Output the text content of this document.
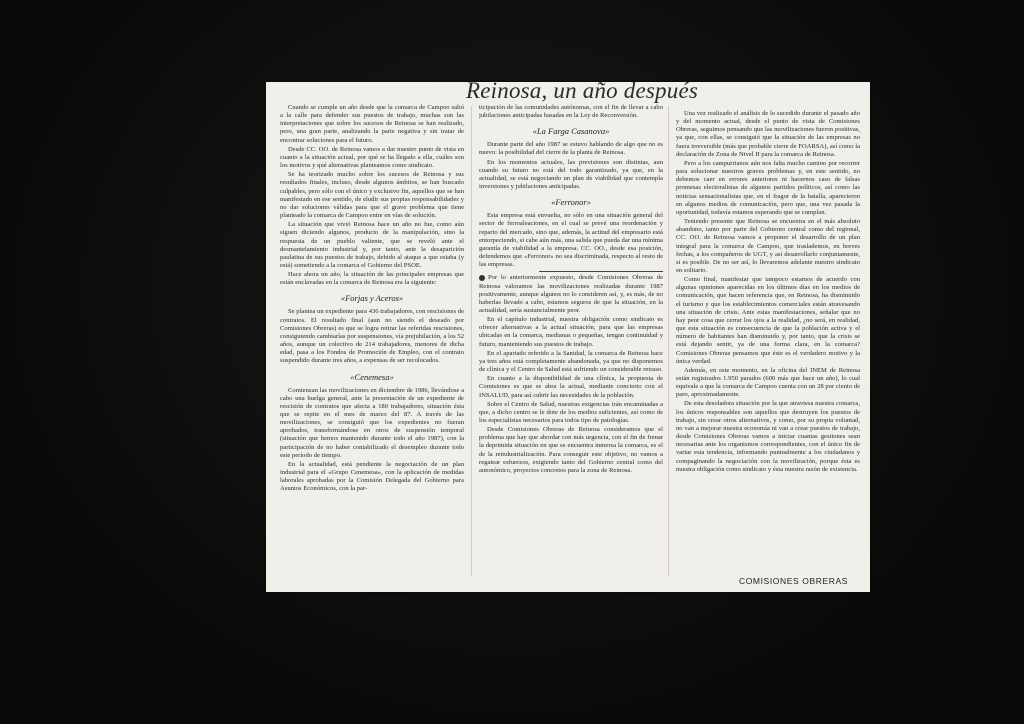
Reinosa, un año después

Cuando se cumple un año desde que la comarca de Campoo salió a la calle para defender sus puestos de trabajo, muchas son las interpretaciones que sobre los sucesos de Reinosa se han realizado, pero, una gran parte, analizando la parte negativa y sin tratar de encontrar soluciones para el futuro.

Desde CC. OO. de Reinosa vamos a dar nuestro punto de vista en cuanto a la situación actual, por qué se ha llegado a ella, cuáles son los motivos y qué alternativas planteamos como sindicato.

Se ha teorizado mucho sobre los sucesos de Reinosa y sus resultados finales, incluso, desde algunos ámbitos, se han buscado culpables, pero sólo con el único y exclusivo fin, aquellos que se han manifestado en ese sentido, de eludir sus propias responsabilidades y no dar soluciones válidas para que el grave problema que tiene planteado la comarca de Campoo entre en vías de solución.

La situación que vivió Reinosa hace un año no fue, como aún siguen diciendo algunos, producto de la manipulación, sino la respuesta de un pueblo valiente, que se reveló ante el desmantelamiento industrial y, por tanto, ante la desaparición paulatina de sus puestos de trabajo, debido al ataque a que estaba (y está) sometiendo a la comarca el Gobierno del PSOE.

Hace ahora un año, la situación de las principales empresas que están enclavadas en la comarca de Reinosa era la siguiente:

«Forjas y Aceros»

Se plantea un expediente para 436 trabajadores, con rescisiones de contratos. El resultado final (aun no siendo el deseado por Comisiones Obreras) es que se logra retirar las referidas rescisiones, consiguiendo cambiarlas por suspensiones, vía prejubilación, a los 52 años, aunque un colectivo de 214 trabajadores, menores de dicha edad, pasa a los Fondos de Promoción de Empleo, con el contrato suspendido durante tres años, a expensas de ser recolocados.

«Cenemesa»

Comienzan las movilizaciones en diciembre de 1986, llevándose a cabo una huelga general, ante la presentación de un expediente de rescisión de contratos que afecta a 180 trabajadores, situación ésta que se repite en el mes de marzo del 87. A través de las movilizaciones, se consiguió que los expedientes no fueran aprobados, transformándose en otros de suspensión temporal (situación que hemos mantenido durante todo el año 1987), con la participación de no haber contabilizado el desempleo durante todo este período de tiempo.

En la actualidad, está pendiente la negociación de un plan industrial para el «Grupo Cenemesa», con la aplicación de medidas laborales aprobadas por la Comisión Delegada del Gobierno para Asuntos Económicos, con la par-

ticipación de las comunidades autónomas, con el fin de llevar a cabo jubilaciones anticipadas basadas en la Ley de Reconversión.

«La Farga Casanova»

Durante parte del año 1987 se estuvo hablando de algo que no es nuevo: la posibilidad del cierre de la planta de Reinosa.

En los momentos actuales, las previsiones son distintas, aun cuando su futuro no está del todo garantizado, ya que, en la actualidad, se está negociando un plan de viabilidad que contempla inversiones y jubilaciones anticipadas.

«Ferronor»

Esta empresa está envuelta, no sólo en una situación general del sector de ferroaleaciones, en el cual se prevé una reordenación y reparto del mercado, sino que, además, la actitud del empresario está entorpeciendo, si cabe aún más, una salida que pueda dar una mínima garantía de viabilidad a la empresa. CC. OO., desde esa posición, defendemos que «Ferronor» no sea discriminada, respecto al resto de las empresas.

Por lo anteriormente expuesto, desde Comisiones Obreras de Reinosa valoramos las movilizaciones realizadas durante 1987 positivamente, aunque algunos no lo consideren así, y, es más, de no haberlas llevado a cabo, estamos seguros de que la situación, en la actualidad, sería sustancialmente peor.

En el capítulo industrial, nuestra obligación como sindicato es ofrecer alternativas a la actual situación, para que las empresas ubicadas en la comarca, medianas o pequeñas, tengan continuidad y futuro, manteniendo sus puestos de trabajo.

En el apartado referido a la Sanidad, la comarca de Reinosa hace ya tres años está completamente abandonada, ya que no disponemos de clínica y el Centro de Salud está sufriendo un considerable retraso.

En cuanto a la disponibilidad de una clínica, la propuesta de Comisiones es que se abra la actual, mediante concierto con el INSALUD, para así cubrir las necesidades de la población.

Sobre el Centro de Salud, nuestras exigencias irán encaminadas a que, a dicho centro se le dote de los medios suficientes, así como de los especialistas necesarios para todos tipo de patologías.

Desde Comisiones Obreras de Reinosa consideramos que el problema que hay que abordar con más urgencia, con el fin de frenar la deprimida situación en que se encuentra inmersa la comarca, es el de la reindustrialización. Para conseguir este objetivo, no vamos a regatear esfuerzos, exigiendo tanto del Gobierno central como del autonómico, proyectos concretos para la zona de Reinosa.

Una vez realizado el análisis de lo sucedido durante el pasado año y del momento actual, desde el punto de vista de Comisiones Obreras, seguimos pensando que las movilizaciones fueron positivas, ya que, con ellas, se consiguió que la situación de las empresas no fuera irreversible (más que probable cierre de FOARSA), así como la declaración de Zona de Nivel II para la comarca de Reinosa.

Pero a los campurrianos aún nos falta mucho camino por recorrer para solucionar nuestros graves problemas y, en este sentido, no debemos caer en errores anteriores ni hacernos caso de falsas promesas electoralistas de algunos partidos políticos, así como las noticias sensacionalistas que, en el fragor de la batalla, aparecieron en algunos medios de comunicación, pero que, una vez pasada la oportunidad, todavía estamos esperando que se cumplan.

Teniendo presente que Reinosa se encuentra en el más absoluto abandono, tanto por parte del Gobierno central como del regional, CC. OO. de Reinosa vamos a proponer el desarrollo de un plan integral para la comarca de Campoo, que traslademos, en breves fechas, a los compañeros de UGT, y así desarrollarlo conjuntamente, si es posible. De no ser así, lo llevaremos adelante nuestro sindicato en solitario.

Como final, manifestar que tampoco estamos de acuerdo con algunas opiniones aparecidas en los últimos días en los medios de comunicación, que hacen referencia que, en Reinosa, ha disminuido el turismo y que los establecimientos comerciales están atravesando una situación de crisis. Ante estas manifestaciones, señalar que no hay peor cosa que cerrar los ojos a la realidad, ¿no será, en realidad, que esta situación es consecuencia de que la población activa y el número de habitantes han disminuido y, por tanto, que la crisis se está dejando sentir, ya de una forma clara, en la comarca? Comisiones Obreras pensamos que éste es el verdadero motivo y la única verdad.

Además, en este momento, en la oficina del INEM de Reinosa están registrados 1.950 parados (600 más que hace un año), lo cual equivale a que la comarca de Campoo cuenta con un 28 por ciento de paro, aproximadamente.

De esta desoladora situación por la que atraviesa nuestra comarca, los únicos responsables son aquellos que destruyen los puestos de trabajo, sin crear otros alternativos, y como, por su propia voluntad, no van a mejorar nuestra economía ni van a crear puestos de trabajo, desde Comisiones Obreras vamos a iniciar cuantas gestiones sean necesarias ante los organismos correspondientes, con el único fin de variar esta tendencia, informando puntualmente a los ciudadanos y compaginando la negociación con la movilización, porque ésta es nuestra obligación como sindicato y ésta nuestra razón de existencia.

COMISIONES OBRERAS
